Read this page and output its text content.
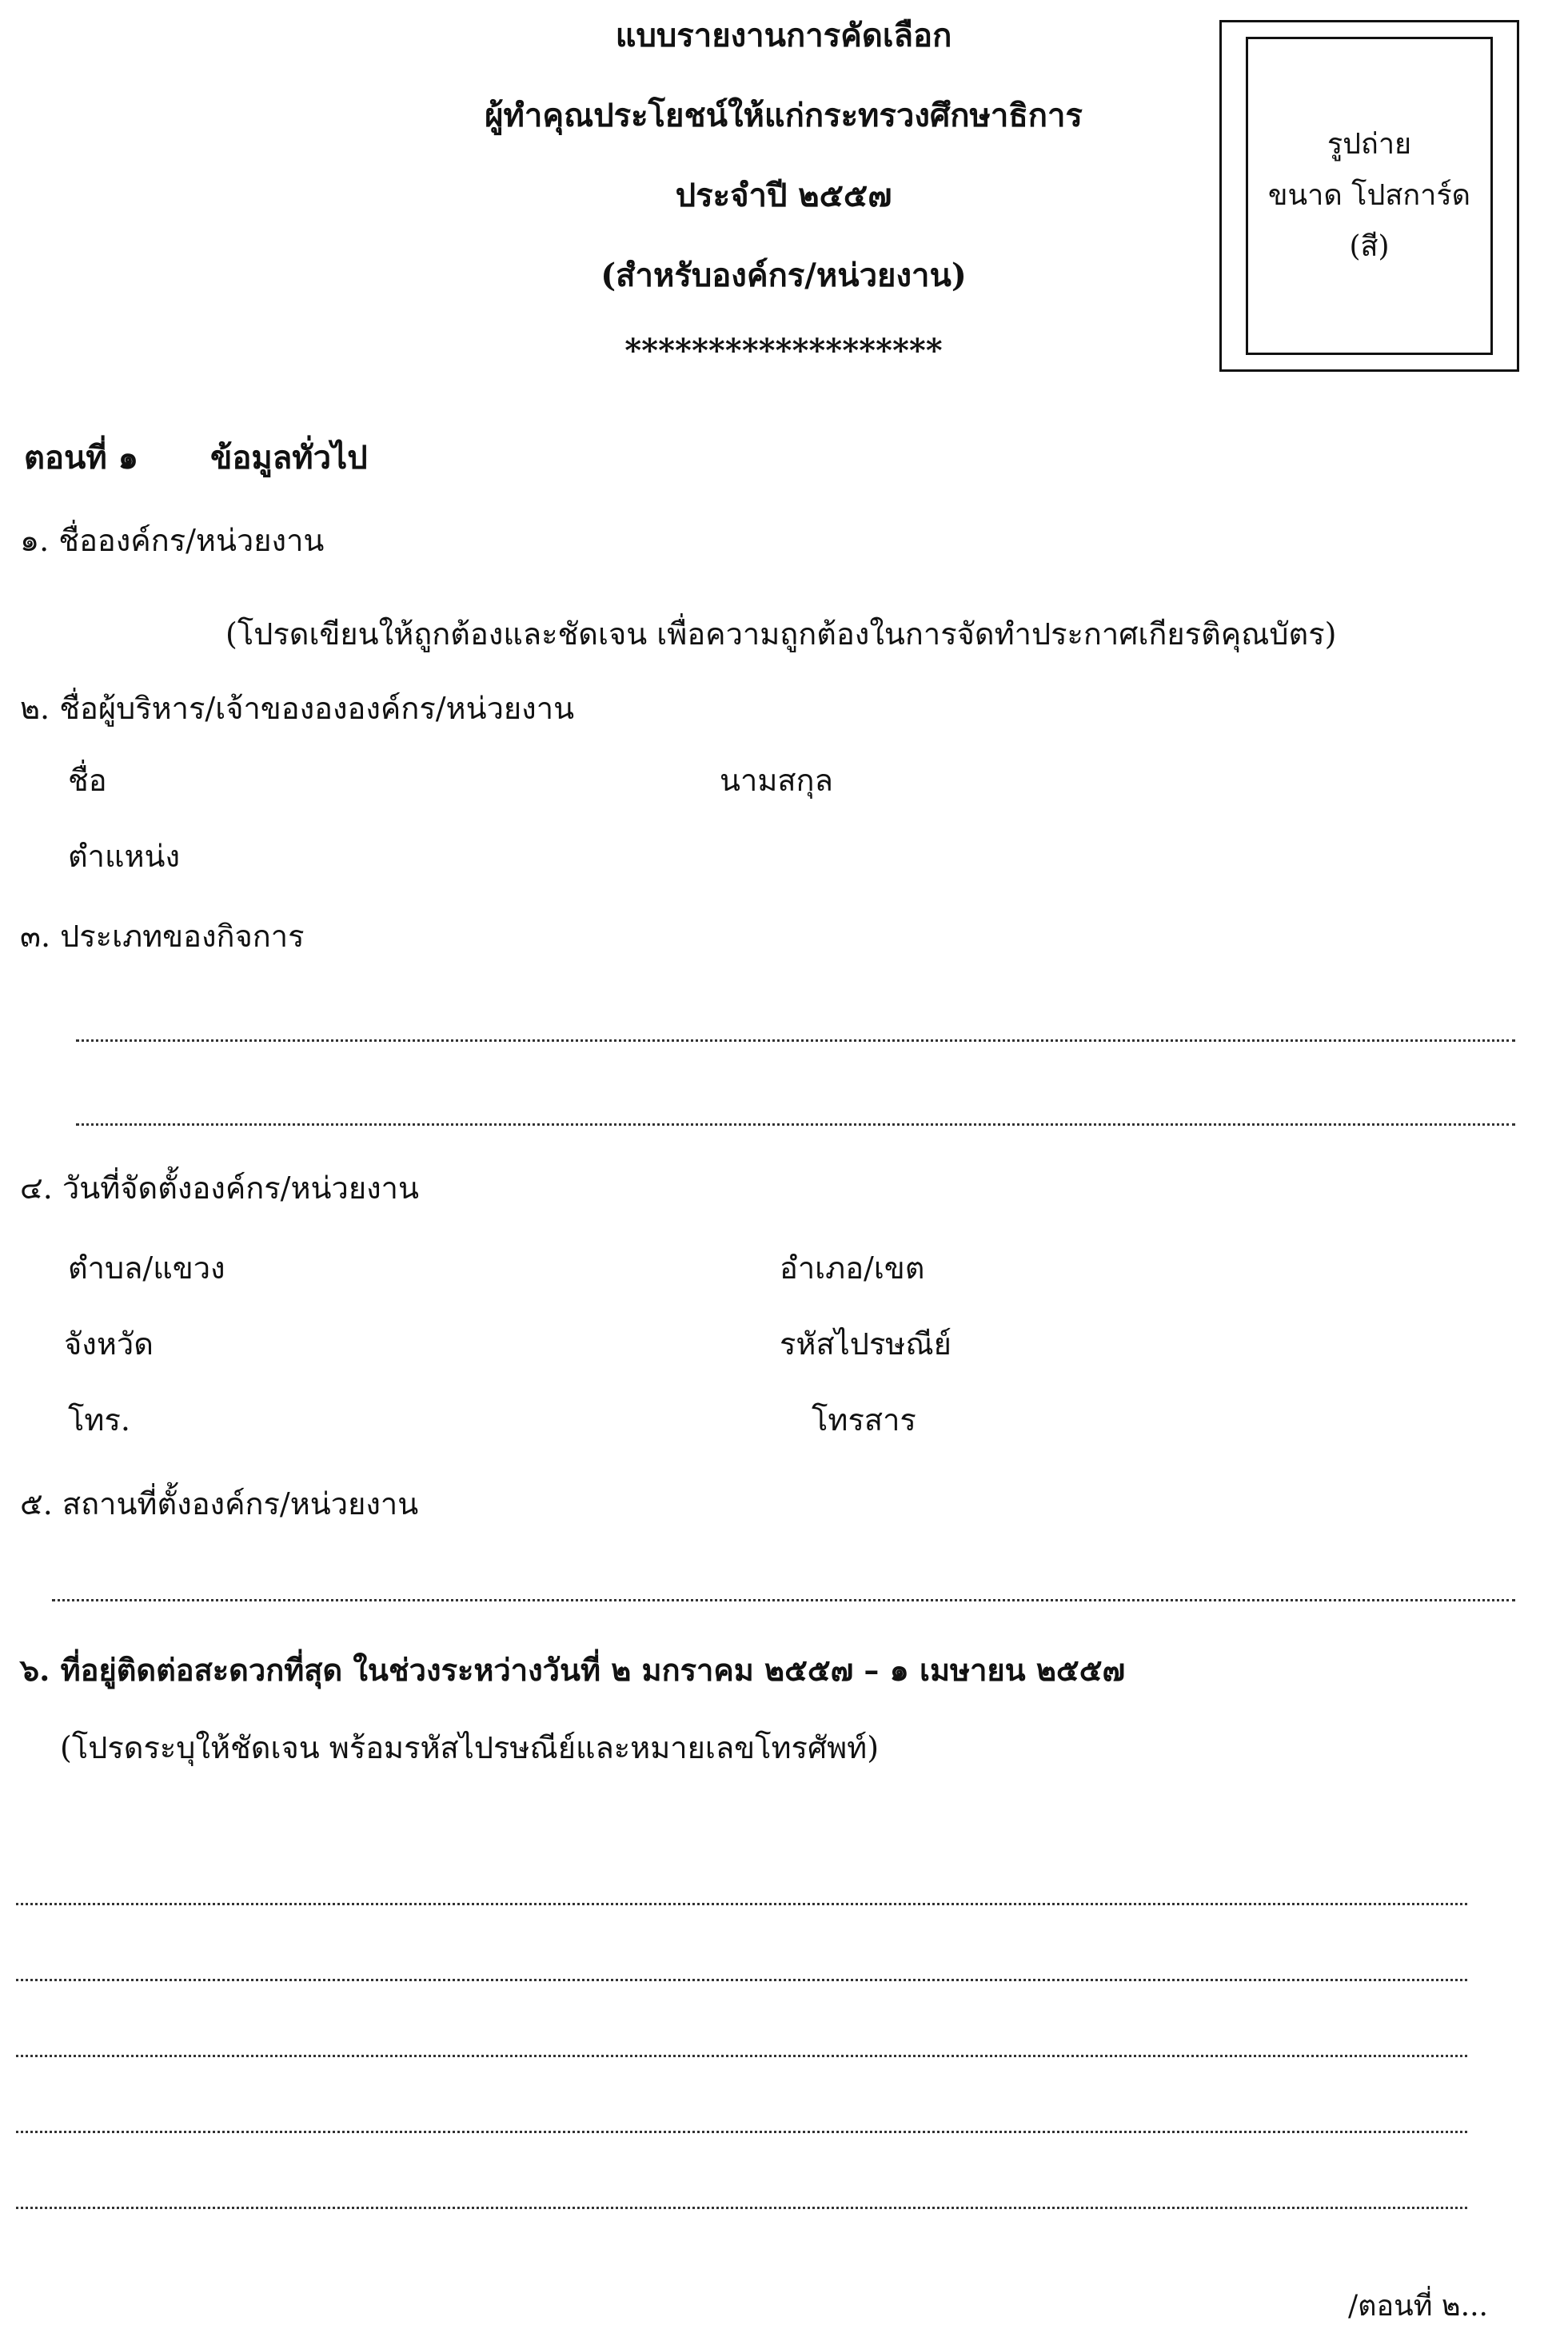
แบบรายงานการคัดเลือก
ผู้ทำคุณประโยชน์ให้แก่กระทรวงศึกษาธิการ
ประจำปี ๒๕๕๗
(สำหรับองค์กร/หน่วยงาน)
*******************
รูปถ่าย
ขนาด โปสการ์ด
(สี)
ตอนที่ ๑ ข้อมูลทั่วไป
๑. ชื่อองค์กร/หน่วยงาน
(โปรดเขียนให้ถูกต้องและชัดเจน เพื่อความถูกต้องในการจัดทำประกาศเกียรติคุณบัตร)
๒. ชื่อผู้บริหาร/เจ้าของององค์กร/หน่วยงาน
ชื่อ	นามสกุล
ตำแหน่ง
๓. ประเภทของกิจการ
๔. วันที่จัดตั้งองค์กร/หน่วยงาน
ตำบล/แขวง	อำเภอ/เขต
จังหวัด	รหัสไปรษณีย์
โทร.	โทรสาร
๕. สถานที่ตั้งองค์กร/หน่วยงาน
๖. ที่อยู่ติดต่อสะดวกที่สุด ในช่วงระหว่างวันที่ ๒ มกราคม ๒๕๕๗ – ๑ เมษายน ๒๕๕๗
(โปรดระบุให้ชัดเจน พร้อมรหัสไปรษณีย์และหมายเลขโทรศัพท์)
/ตอนที่ ๒...
